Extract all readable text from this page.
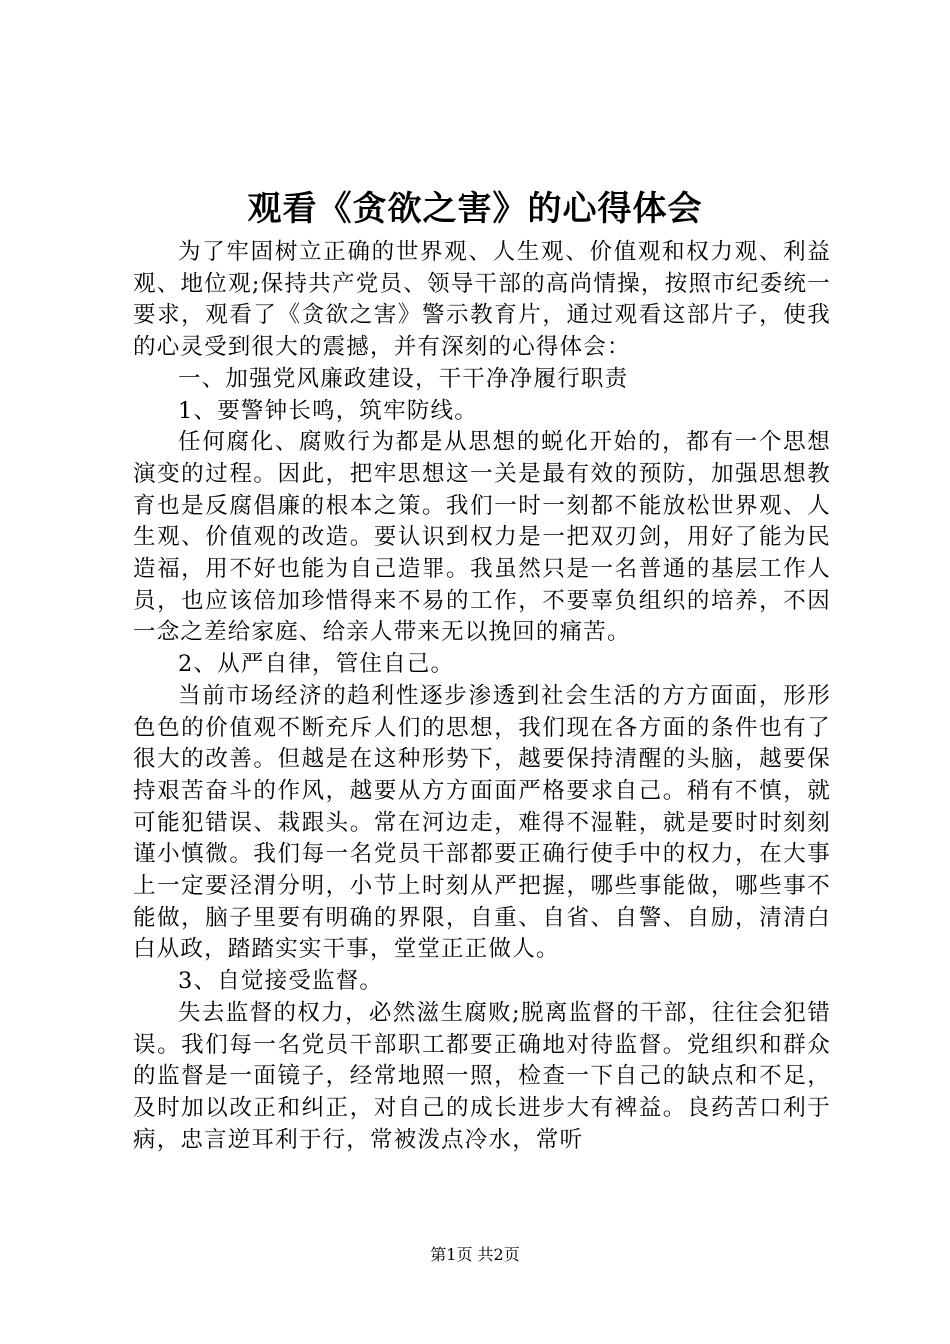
观看《贪欲之害》的心得体会

为了牢固树立正确的世界观、人生观、价值观和权力观、利益观、地位观;保持共产党员、领导干部的高尚情操，按照市纪委统一要求，观看了《贪欲之害》警示教育片，通过观看这部片子，使我的心灵受到很大的震撼，并有深刻的心得体会：

一、加强党风廉政建设，干干净净履行职责

1、要警钟长鸣，筑牢防线。

任何腐化、腐败行为都是从思想的蜕化开始的，都有一个思想演变的过程。因此，把牢思想这一关是最有效的预防，加强思想教育也是反腐倡廉的根本之策。我们一时一刻都不能放松世界观、人生观、价值观的改造。要认识到权力是一把双刃剑，用好了能为民造福，用不好也能为自己造罪。我虽然只是一名普通的基层工作人员，也应该倍加珍惜得来不易的工作，不要辜负组织的培养，不因一念之差给家庭、给亲人带来无以挽回的痛苦。

2、从严自律，管住自己。

当前市场经济的趋利性逐步渗透到社会生活的方方面面，形形色色的价值观不断充斥人们的思想，我们现在各方面的条件也有了很大的改善。但越是在这种形势下，越要保持清醒的头脑，越要保持艰苦奋斗的作风，越要从方方面面严格要求自己。稍有不慎，就可能犯错误、栽跟头。常在河边走，难得不湿鞋，就是要时时刻刻谨小慎微。我们每一名党员干部都要正确行使手中的权力，在大事上一定要泾渭分明，小节上时刻从严把握，哪些事能做，哪些事不能做，脑子里要有明确的界限，自重、自省、自警、自励，清清白白从政，踏踏实实干事，堂堂正正做人。

3、自觉接受监督。

失去监督的权力，必然滋生腐败;脱离监督的干部，往往会犯错误。我们每一名党员干部职工都要正确地对待监督。党组织和群众的监督是一面镜子，经常地照一照，检查一下自己的缺点和不足，及时加以改正和纠正，对自己的成长进步大有裨益。良药苦口利于病，忠言逆耳利于行，常被泼点冷水，常听

第1页 共2页
